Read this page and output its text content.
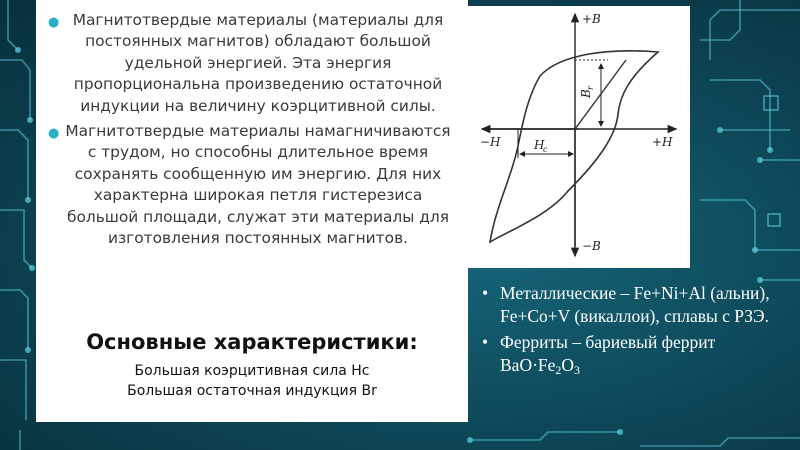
● Магнитотвердые материалы (материалы для постоянных магнитов) обладают большой удельной энергией. Эта энергия пропорциональна произведению остаточной индукции на величину коэрцитивной силы.
● Магнитотвердые материалы намагничиваются с трудом, но способны длительное время сохранять сообщенную им энергию. Для них характерна широкая петля гистерезиса большой площади, служат эти материалы для изготовления постоянных магнитов.
Основные характеристики:
Большая коэрцитивная сила Нс
Большая остаточная индукция Br
+B
−B
+H
−H	H
c
B
r
• Металлические – Fe+Ni+Al (альни), Fe+Co+V (викаллои), сплавы с РЗЭ.
• Ферриты – бариевый феррит $BaO\cdot Fe_2O_3$
